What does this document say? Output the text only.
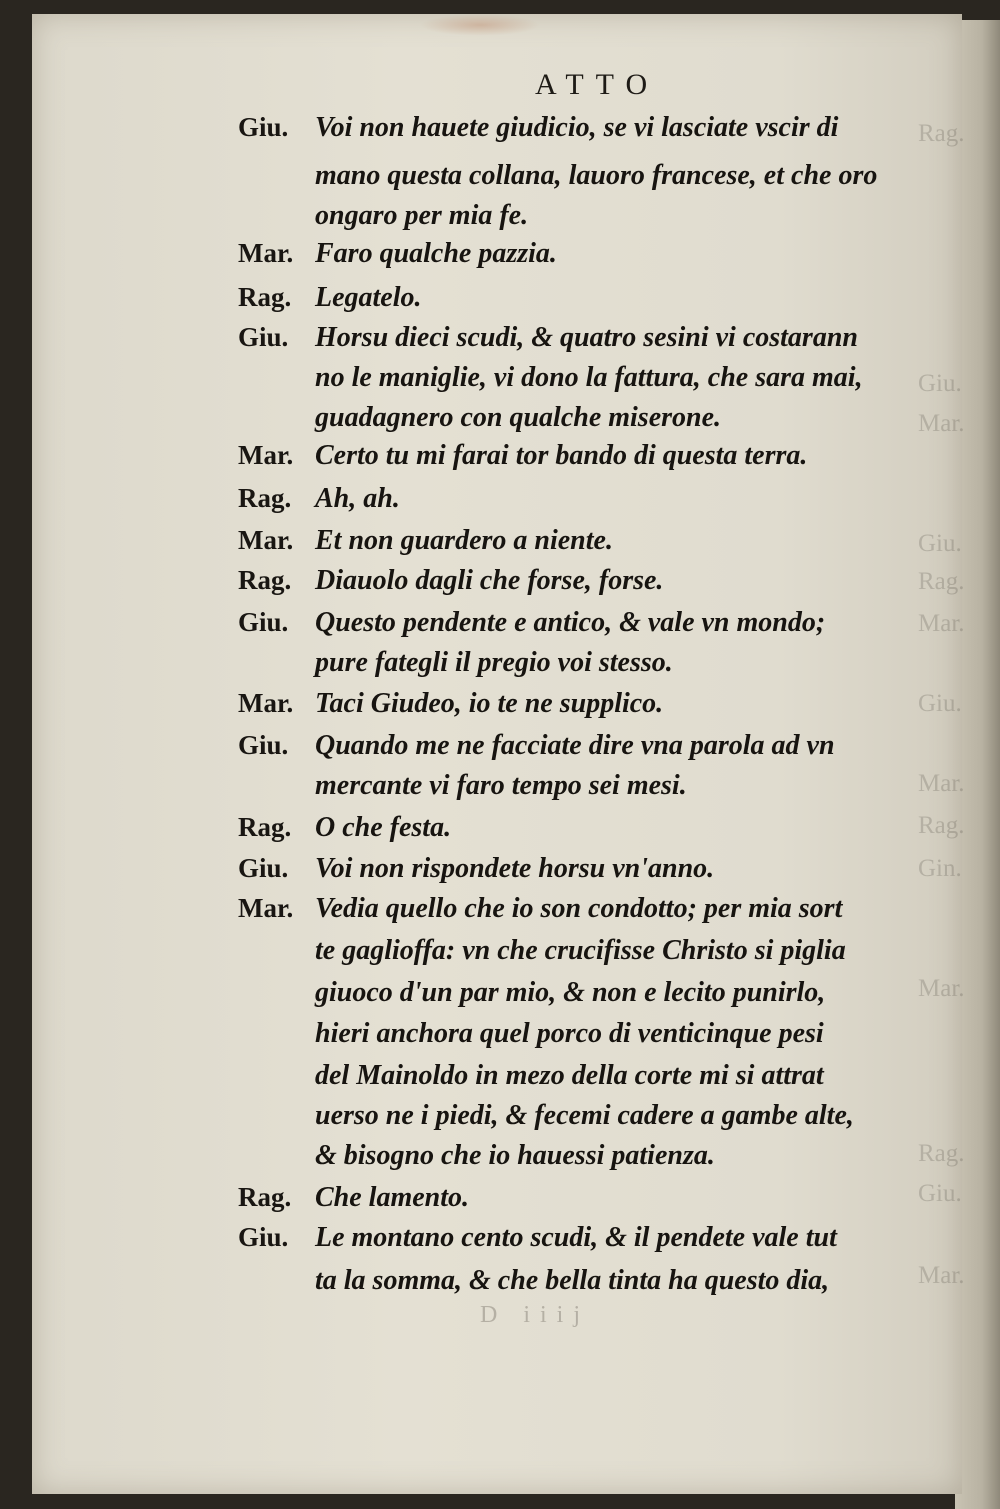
ATTO
Rag.
Giu.
Mar.
Giu.
Rag.
Mar.
Giu.
Mar.
Rag.
Gin.
Mar.
Rag.
Giu.
Mar.
Giu. Voi non hauete giudicio, se vi lasciate vscir di
mano questa collana, lauoro francese, et che oro
ongaro per mia fe.
Mar. Faro qualche pazzia.
Rag. Legatelo.
Giu. Horsu dieci scudi, & quatro sesini vi costarann
no le maniglie, vi dono la fattura, che sara mai,
guadagnero con qualche miserone.
Mar. Certo tu mi farai tor bando di questa terra.
Rag. Ah, ah.
Mar. Et non guardero a niente.
Rag. Diauolo dagli che forse, forse.
Giu. Questo pendente e antico, & vale vn mondo;
pure fategli il pregio voi stesso.
Mar. Taci Giudeo, io te ne supplico.
Giu. Quando me ne facciate dire vna parola ad vn
mercante vi faro tempo sei mesi.
Rag. O che festa.
Giu. Voi non rispondete horsu vn'anno.
Mar. Vedia quello che io son condotto; per mia sort
te gaglioffa: vn che crucifisse Christo si piglia
giuoco d'un par mio, & non e lecito punirlo,
hieri anchora quel porco di venticinque pesi
del Mainoldo in mezo della corte mi si attrat
uerso ne i piedi, & fecemi cadere a gambe alte,
& bisogno che io hauessi patienza.
Rag. Che lamento.
Giu. Le montano cento scudi, & il pendete vale tut
ta la somma, & che bella tinta ha questo dia,
D iiij
